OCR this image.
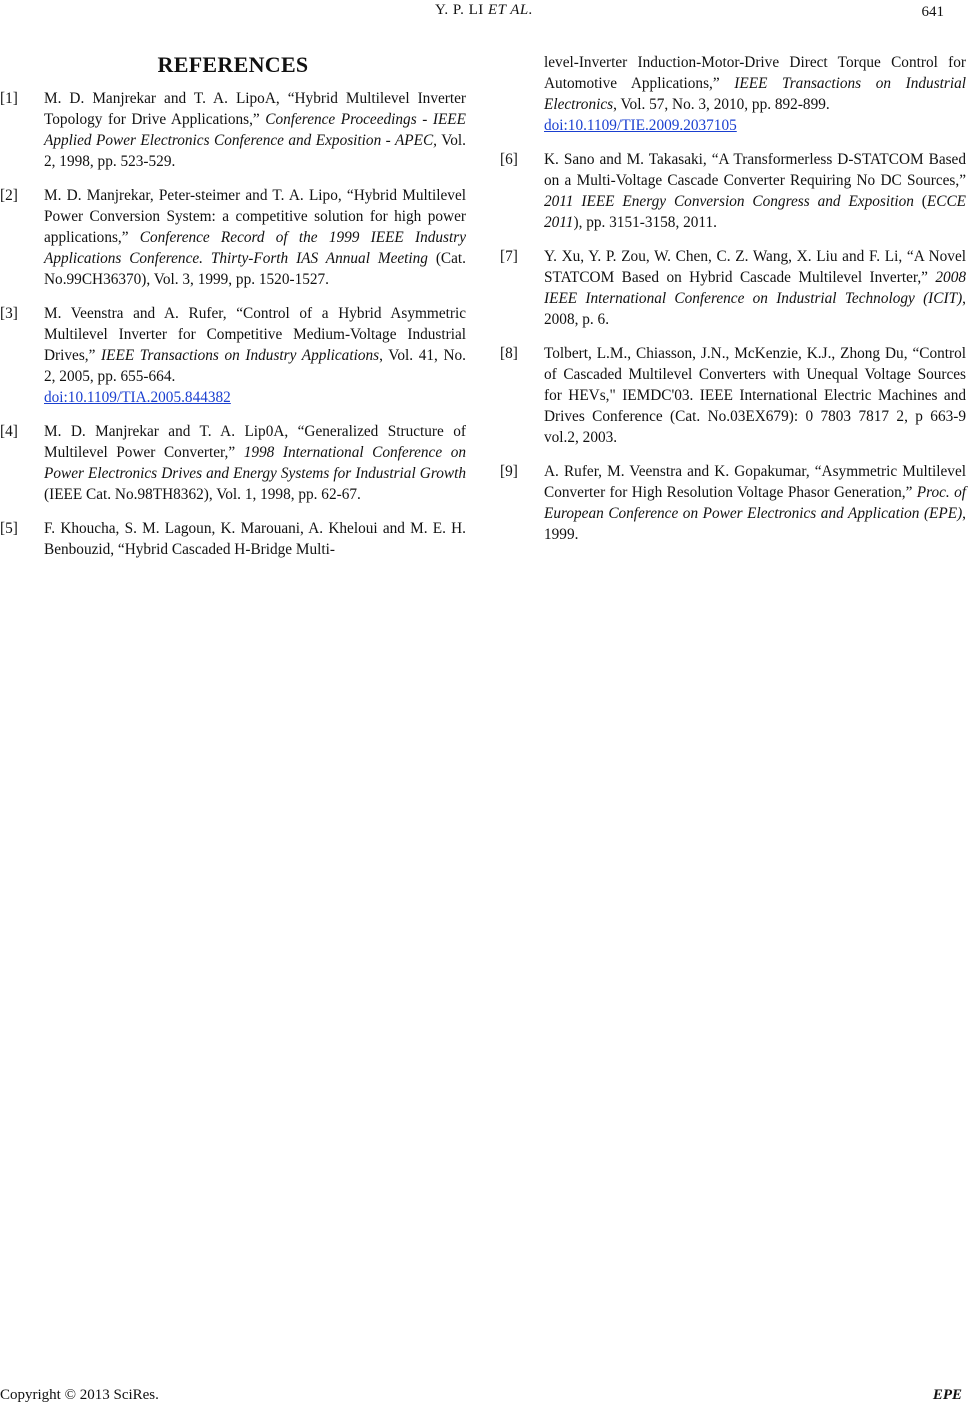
Y. P. LI ET AL.	641
REFERENCES
[1]	M. D. Manjrekar and T. A. LipoA, “Hybrid Multilevel Inverter Topology for Drive Applications,” Conference Proceedings - IEEE Applied Power Electronics Conference and Exposition - APEC, Vol. 2, 1998, pp. 523-529.
[2]	M. D. Manjrekar, Peter-steimer and T. A. Lipo, “Hybrid Multilevel Power Conversion System: a competitive solution for high power applications,” Conference Record of the 1999 IEEE Industry Applications Conference. Thirty-Forth IAS Annual Meeting (Cat. No.99CH36370), Vol. 3, 1999, pp. 1520-1527.
[3]	M. Veenstra and A. Rufer, “Control of a Hybrid Asymmetric Multilevel Inverter for Competitive Medium-Voltage Industrial Drives,” IEEE Transactions on Industry Applications, Vol. 41, No. 2, 2005, pp. 655-664.
doi:10.1109/TIA.2005.844382
[4]	M. D. Manjrekar and T. A. Lip0A, “Generalized Structure of Multilevel Power Converter,” 1998 International Conference on Power Electronics Drives and Energy Systems for Industrial Growth (IEEE Cat. No.98TH8362), Vol. 1, 1998, pp. 62-67.
[5]	F. Khoucha, S. M. Lagoun, K. Marouani, A. Kheloui and M. E. H. Benbouzid, “Hybrid Cascaded H-Bridge Multi-
level-Inverter Induction-Motor-Drive Direct Torque Control for Automotive Applications,” IEEE Transactions on Industrial Electronics, Vol. 57, No. 3, 2010, pp. 892-899.
doi:10.1109/TIE.2009.2037105
[6]	K. Sano and M. Takasaki, “A Transformerless D-STATCOM Based on a Multi-Voltage Cascade Converter Requiring No DC Sources,” 2011 IEEE Energy Conversion Congress and Exposition (ECCE 2011), pp. 3151-3158, 2011.
[7]	Y. Xu, Y. P. Zou, W. Chen, C. Z. Wang, X. Liu and F. Li, “A Novel STATCOM Based on Hybrid Cascade Multilevel Inverter,” 2008 IEEE International Conference on Industrial Technology (ICIT), 2008, p. 6.
[8]	Tolbert, L.M., Chiasson, J.N., McKenzie, K.J., Zhong Du, “Control of Cascaded Multilevel Converters with Unequal Voltage Sources for HEVs," IEMDC'03. IEEE International Electric Machines and Drives Conference (Cat. No.03EX679): 0 7803 7817 2, p 663-9 vol.2, 2003.
[9]	A. Rufer, M. Veenstra and K. Gopakumar, “Asymmetric Multilevel Converter for High Resolution Voltage Phasor Generation,” Proc. of European Conference on Power Electronics and Application (EPE), 1999.
Copyright © 2013 SciRes.	EPE
